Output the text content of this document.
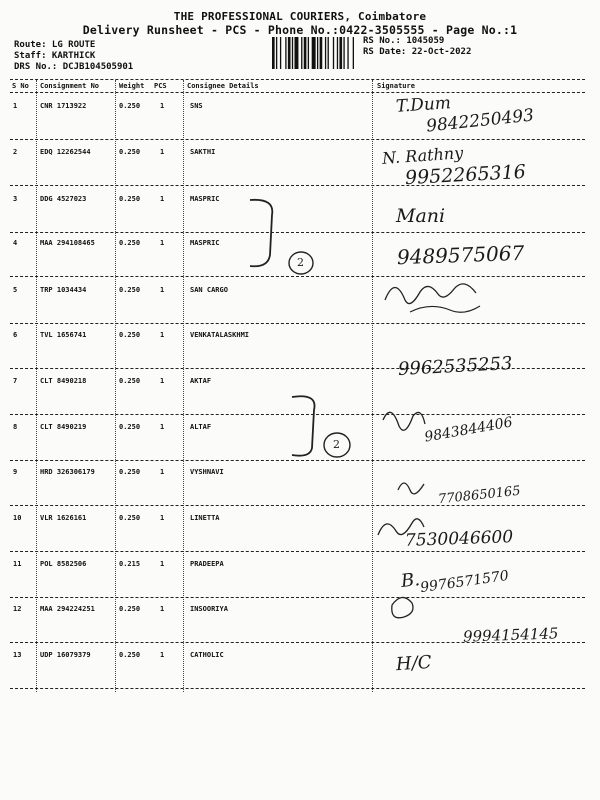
THE PROFESSIONAL COURIERS, Coimbatore
Delivery Runsheet - PCS - Phone No.:0422-3505555 - Page No.:1
Route: LG ROUTE
Staff: KARTHICK
DRS No.: DCJB104505901
RS No.: 1045059
RS Date: 22-Oct-2022
S No Consignment No	Weight PCS	Consignee Details	Signature
1	CNR 1713922	0.250	1	SNS	T.Dum
9842250493
2	EDQ 12262544	0.250	1	SAKTHI	N. Rathny
9952265316
3	DDG 4527023	0.250	1	MASPRIC
Mani
4	MAA 294108465	0.250	1	MASPRIC	9489575067
5	TRP 1034434	0.250	1	SAN CARGO
6	TVL 1656741	0.250	1	VENKATALASKHMI
9962535253
7	CLT 8490218	0.250	1	AKTAF
8	CLT 8490219	0.250	1	ALTAF	9843844406
9	HRD 326306179	0.250	1	VYSHNAVI
7708650165
10	VLR 1626161	0.250	1	LINETTA
7530046600
11	POL 8582506	0.215	1	PRADEEPA
B.
9976571570
12	MAA 294224251	0.250	1	INSOORIYA
9994154145
13	UDP 16079379	0.250	1	CATHOLIC	H/C
2
2
